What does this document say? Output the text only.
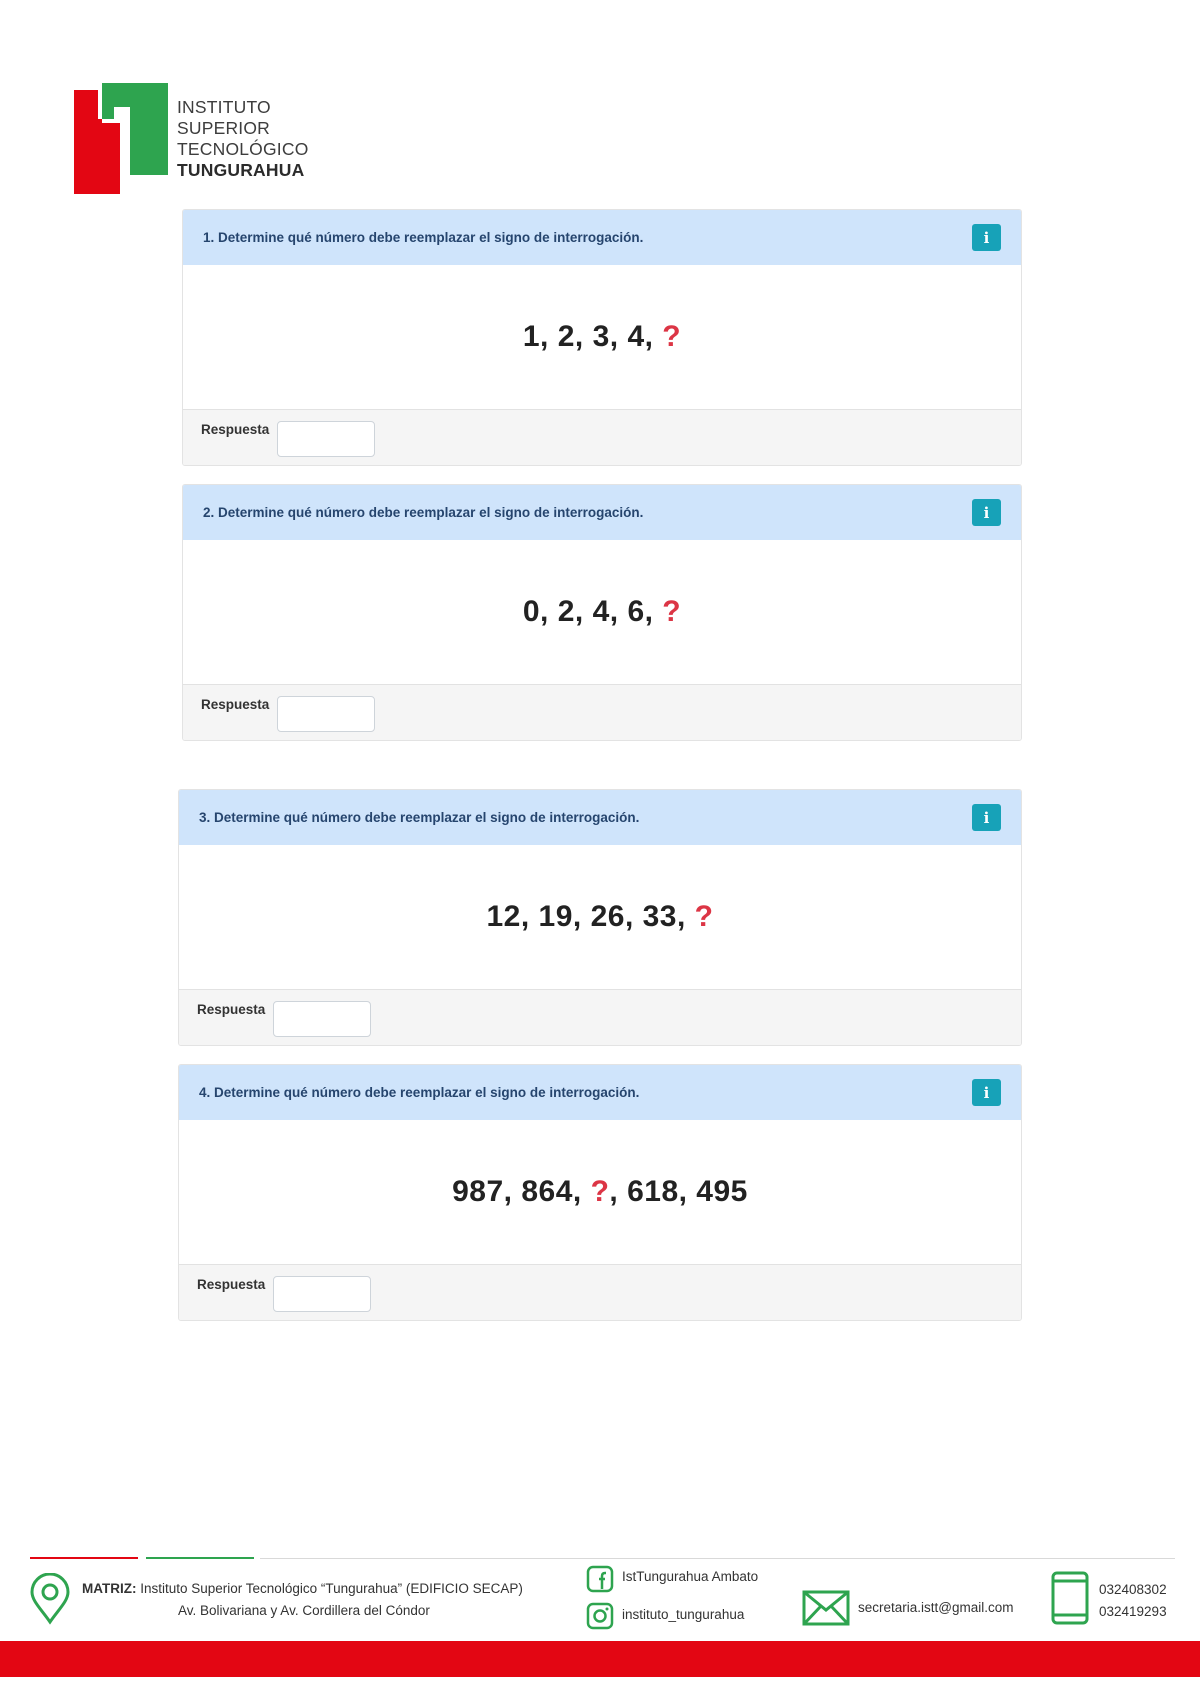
INSTITUTO
SUPERIOR
TECNOLÓGICO
TUNGURAHUA
1. Determine qué número debe reemplazar el signo de interrogación.	i
1, 2, 3, 4, ?
Respuesta
2. Determine qué número debe reemplazar el signo de interrogación.	i
0, 2, 4, 6, ?
Respuesta
3. Determine qué número debe reemplazar el signo de interrogación.	i
12, 19, 26, 33, ?
Respuesta
4. Determine qué número debe reemplazar el signo de interrogación.	i
987, 864, ? , 618, 495
Respuesta
MATRIZ: Instituto Superior Tecnológico “Tungurahua” (EDIFICIO SECAP)
Av. Bolivariana y Av. Cordillera del Cóndor
IstTungurahua Ambato
instituto_tungurahua	secretaria.istt@gmail.com
032408302
032419293
